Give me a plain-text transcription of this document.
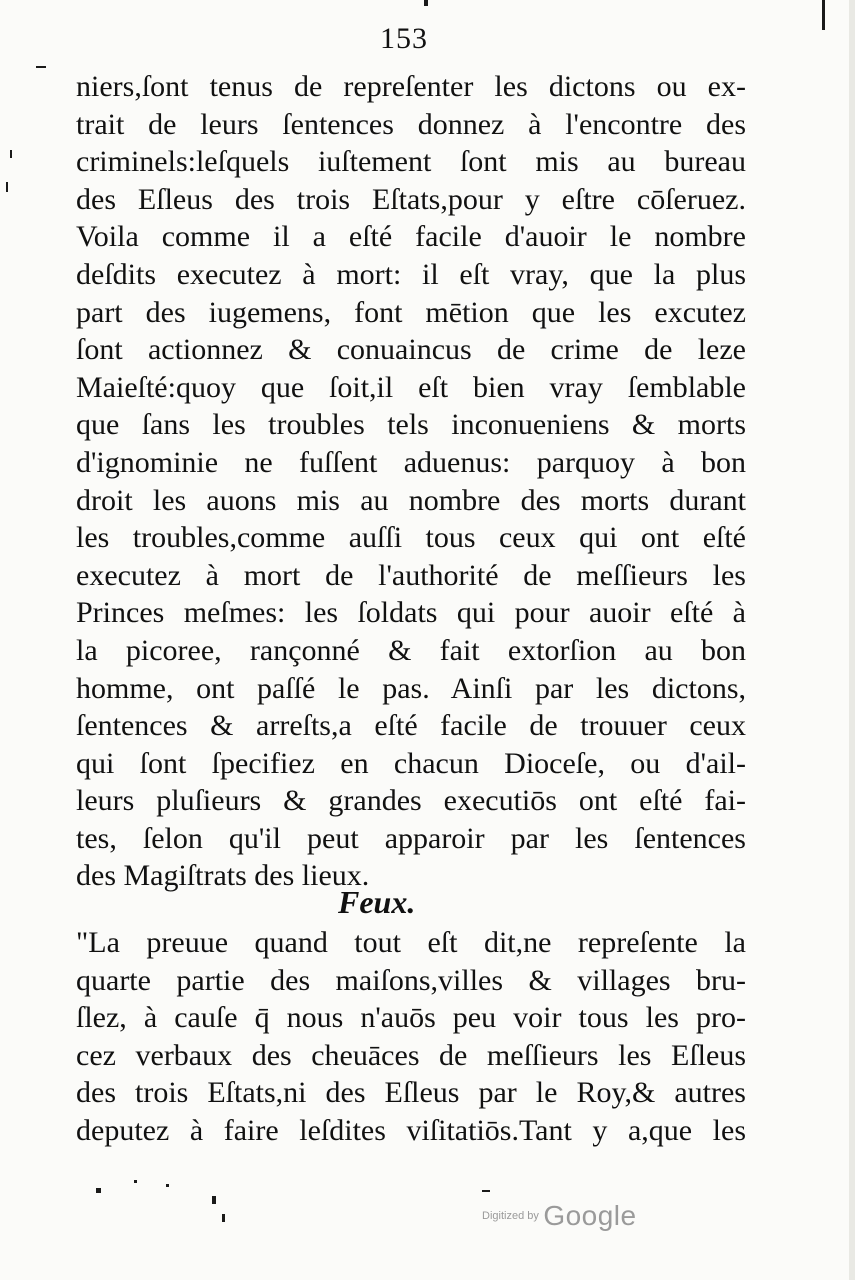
153
niers,ſont tenus de repreſenter les dictons ou ex-
trait de leurs ſentences donnez à l'encontre des
criminels:leſquels iuſtement ſont mis au bureau
des Eſleus des trois Eſtats,pour y eſtre cōſeruez.
Voila comme il a eſté facile d'auoir le nombre
deſdits executez à mort: il eſt vray, que la plus
part des iugemens, font mētion que les excutez
ſont actionnez & conuaincus de crime de leze
Maieſté:quoy que ſoit,il eſt bien vray ſemblable
que ſans les troubles tels inconueniens & morts
d'ignominie ne fuſſent aduenus: parquoy à bon
droit les auons mis au nombre des morts durant
les troubles,comme auſſi tous ceux qui ont eſté
executez à mort de l'authorité de meſſieurs les
Princes meſmes: les ſoldats qui pour auoir eſté à
la picoree, rançonné & fait extorſion au bon
homme, ont paſſé le pas. Ainſi par les dictons,
ſentences & arreſts,a eſté facile de trouuer ceux
qui ſont ſpecifiez en chacun Dioceſe, ou d'ail-
leurs pluſieurs & grandes executiōs ont eſté fai-
tes, ſelon qu'il peut apparoir par les ſentences
des Magiſtrats des lieux.
Feux.
"La preuue quand tout eſt dit,ne repreſente la
quarte partie des maiſons,villes & villages bru-
ſlez, à cauſe q̄ nous n'auōs peu voir tous les pro-
cez verbaux des cheuāces de meſſieurs les Eſleus
des trois Eſtats,ni des Eſleus par le Roy,& autres
deputez à faire leſdites viſitatiōs.Tant y a,que les
Digitized by Google
